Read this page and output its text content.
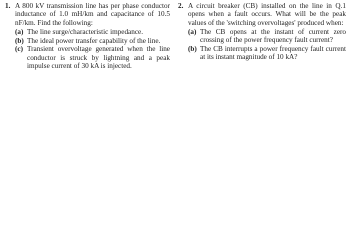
1. A 800 kV transmission line has per phase conductor inductance of 1.0 mH/km and capacitance of 10.5 nF/km. Find the following:
(a) The line surge/characteristic impedance.
(b) The ideal power transfer capability of the line.
(c) Transient overvoltage generated when the line conductor is struck by lightning and a peak impulse current of 30 kA is injected.
2. A circuit breaker (CB) installed on the line in Q.1 opens when a fault occurs. What will be the peak values of the 'switching overvoltages' produced when:
(a) The CB opens at the instant of current zero crossing of the power frequency fault current?
(b) The CB interrupts a power frequency fault current at its instant magnitude of 10 kA?
